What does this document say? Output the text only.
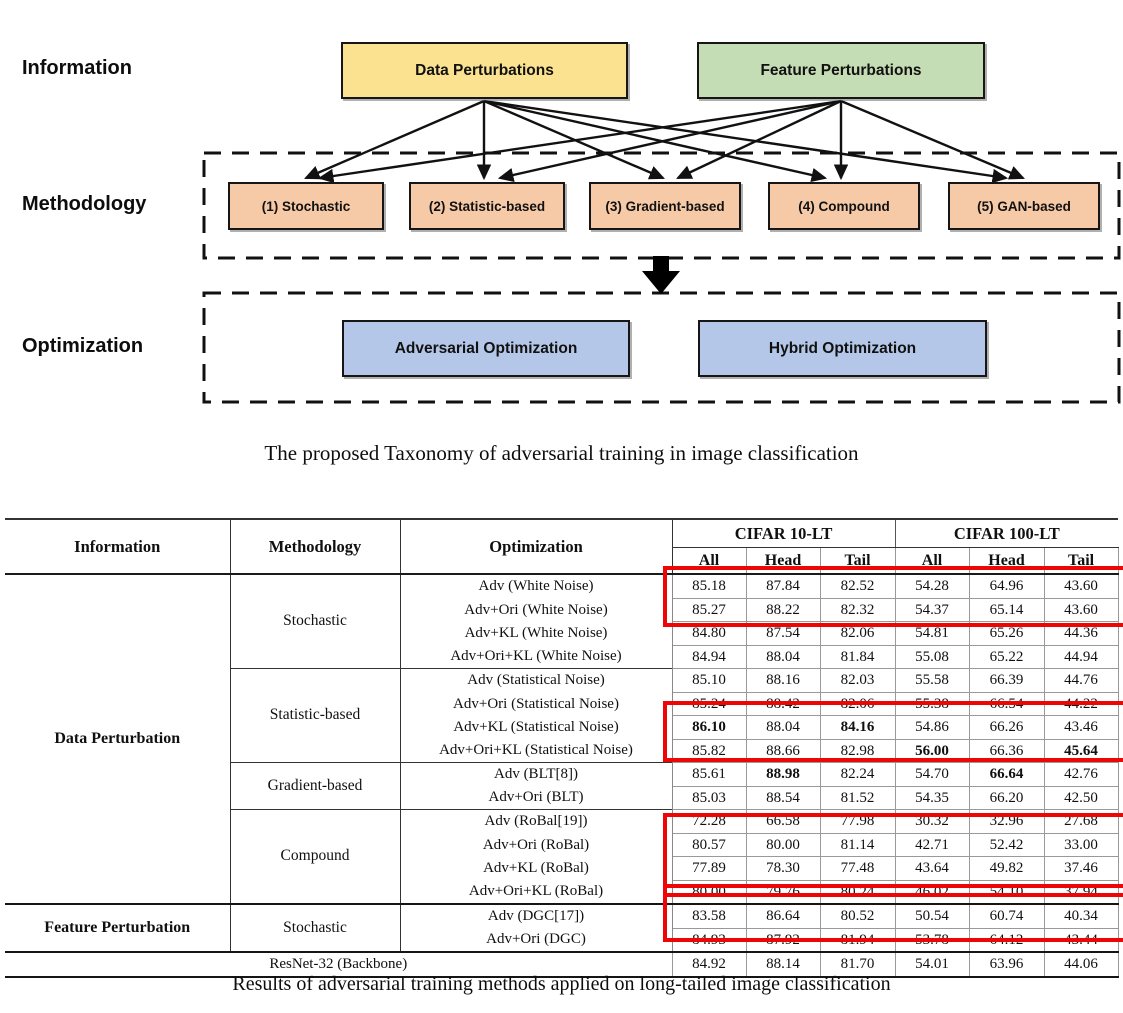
Information
Methodology
Optimization
Data Perturbations	Feature Perturbations
(1) Stochastic	(2) Statistic-based	(3) Gradient-based	(4) Compound	(5) GAN-based
Adversarial Optimization	Hybrid Optimization
The proposed Taxonomy of adversarial training in image classification
Information	Methodology	Optimization	CIFAR 10-LT			CIFAR 100-LT		
			All	Head	Tail	All	Head	Tail
Data Perturbation	Stochastic	Adv (White Noise)	85.18	87.84	82.52	54.28	64.96	43.60
		Adv+Ori (White Noise)	85.27	88.22	82.32	54.37	65.14	43.60
		Adv+KL (White Noise)	84.80	87.54	82.06	54.81	65.26	44.36
		Adv+Ori+KL (White Noise)	84.94	88.04	81.84	55.08	65.22	44.94
	Statistic-based	Adv (Statistical Noise)	85.10	88.16	82.03	55.58	66.39	44.76
		Adv+Ori (Statistical Noise)	85.24	88.42	82.06	55.38	66.54	44.22
		Adv+KL (Statistical Noise)	86.10	88.04	84.16	54.86	66.26	43.46
		Adv+Ori+KL (Statistical Noise)	85.82	88.66	82.98	56.00	66.36	45.64
	Gradient-based	Adv (BLT[8])	85.61	88.98	82.24	54.70	66.64	42.76
		Adv+Ori (BLT)	85.03	88.54	81.52	54.35	66.20	42.50
	Compound	Adv (RoBal[19])	72.28	66.58	77.98	30.32	32.96	27.68
		Adv+Ori (RoBal)	80.57	80.00	81.14	42.71	52.42	33.00
		Adv+KL (RoBal)	77.89	78.30	77.48	43.64	49.82	37.46
		Adv+Ori+KL (RoBal)	80.00	79.76	80.24	46.02	54.10	37.94
Feature Perturbation	Stochastic	Adv (DGC[17])	83.58	86.64	80.52	50.54	60.74	40.34
		Adv+Ori (DGC)	84.93	87.92	81.94	53.78	64.12	43.44
ResNet-32 (Backbone)			84.92	88.14	81.70	54.01	63.96	44.06
Results of adversarial training methods applied on long-tailed image classification
